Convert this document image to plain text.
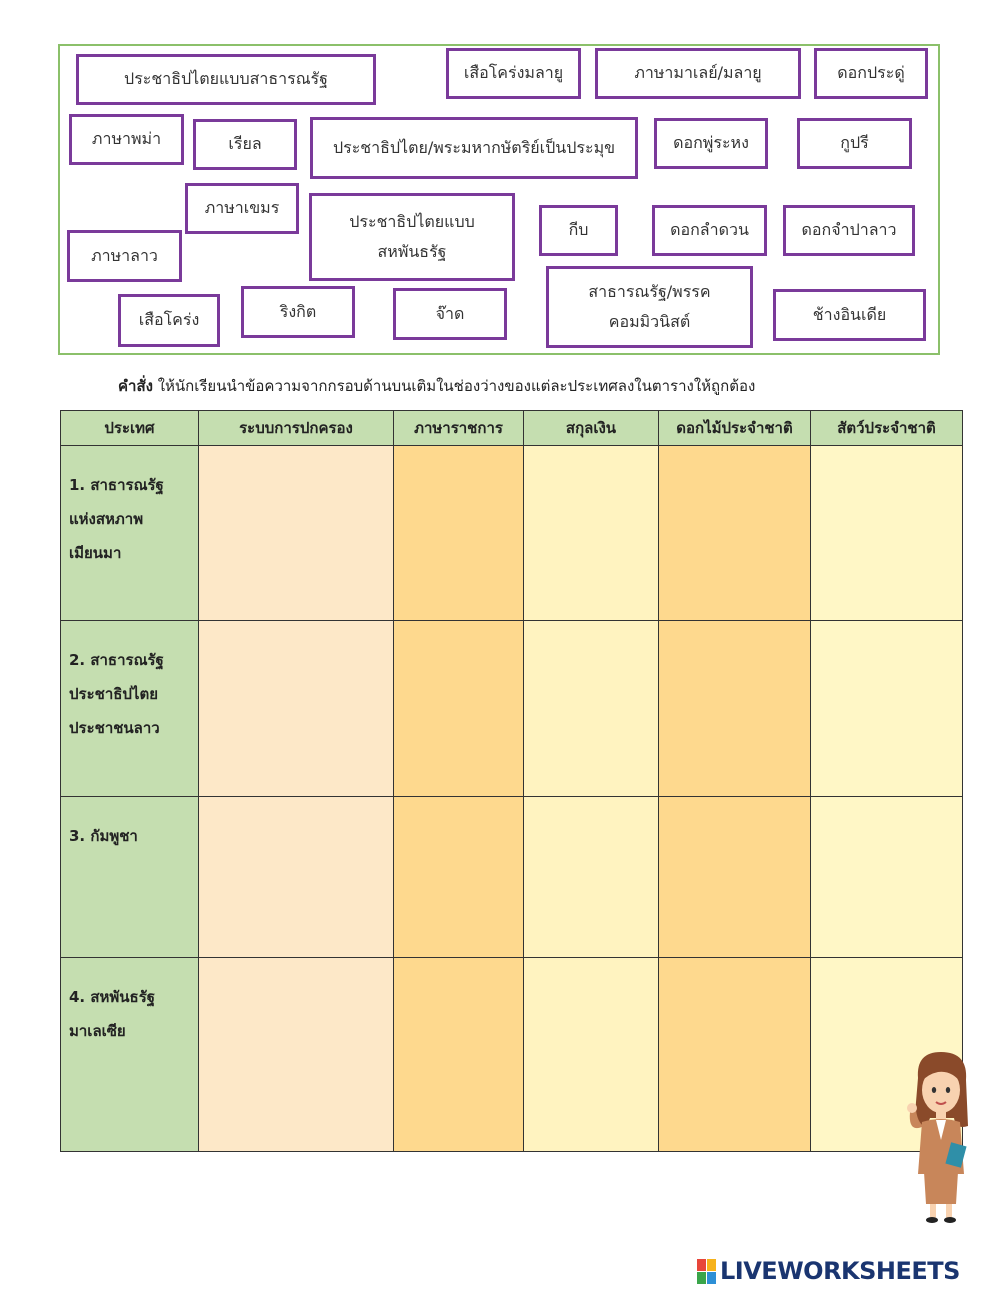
ประชาธิปไตยแบบสาธารณรัฐ	เสือโคร่งมลายู	ภาษามาเลย์/มลายู	ดอกประดู่
ภาษาพม่า	เรียล	ประชาธิปไตย/พระมหากษัตริย์เป็นประมุข	ดอกพู่ระหง	กูปรี
ภาษาเขมร
ประชาธิปไตยแบบ สหพันธรัฐ
กีบ	ดอกลำดวน	ดอกจำปาลาว
ภาษาลาว
เสือโคร่ง	ริงกิต	จ๊าด
สาธารณรัฐ/พรรค คอมมิวนิสต์	ช้างอินเดีย
คำสั่ง ให้นักเรียนนำข้อความจากกรอบด้านบนเติมในช่องว่างของแต่ละประเทศลงในตารางให้ถูกต้อง
ประเทศ	ระบบการปกครอง	ภาษาราชการ	สกุลเงิน	ดอกไม้ประจำชาติ	สัตว์ประจำชาติ

1. สาธารณรัฐ
แห่งสหภาพ
เมียนมา					

2. สาธารณรัฐ
ประชาธิปไตย
ประชาชนลาว					

3. กัมพูชา					

4. สหพันธรัฐ
มาเลเซีย					

LIVEWORKSHEETS
